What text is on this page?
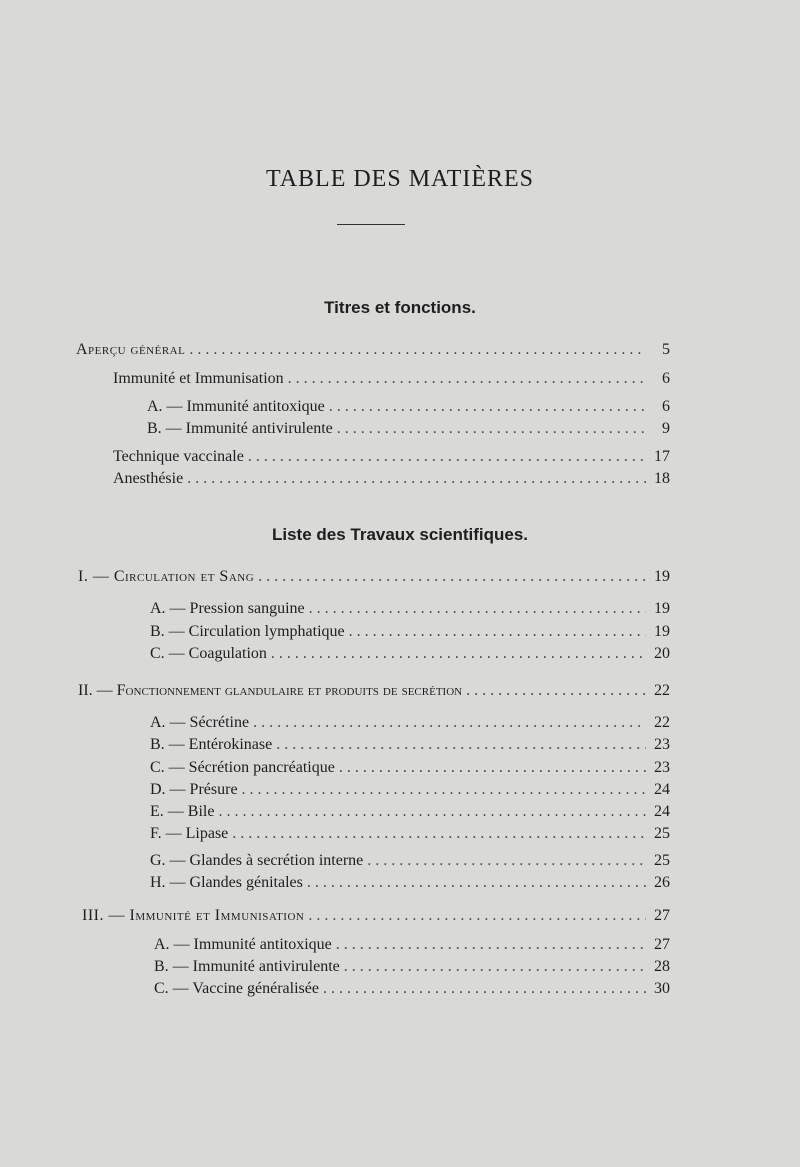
TABLE DES MATIÈRES
Titres et fonctions.
Aperçu général . . .	5
Immunité et Immunisation . . .	6
A. — Immunité antitoxique . . .	6
B. — Immunité antivirulente . . .	9
Technique vaccinale . . .	17
Anesthésie . . .	18
Liste des Travaux scientifiques.
I. — Circulation et Sang . . .	19
A. — Pression sanguine . . .	19
B. — Circulation lymphatique . . .	19
C. — Coagulation . . .	20
II. — Fonctionnement glandulaire et produits de secrétion . . .	22
A. — Sécrétine . . .	22
B. — Entérokinase . . .	23
C. — Sécrétion pancréatique . . .	23
D. — Présure . . .	24
E. — Bile . . .	24
F. — Lipase . . .	25
G. — Glandes à secrétion interne . . .	25
H. — Glandes génitales . . .	26
III. — Immunité et Immunisation . . .	27
A. — Immunité antitoxique . . .	27
B. — Immunité antivirulente . . .	28
C. — Vaccine généralisée . . .	30
